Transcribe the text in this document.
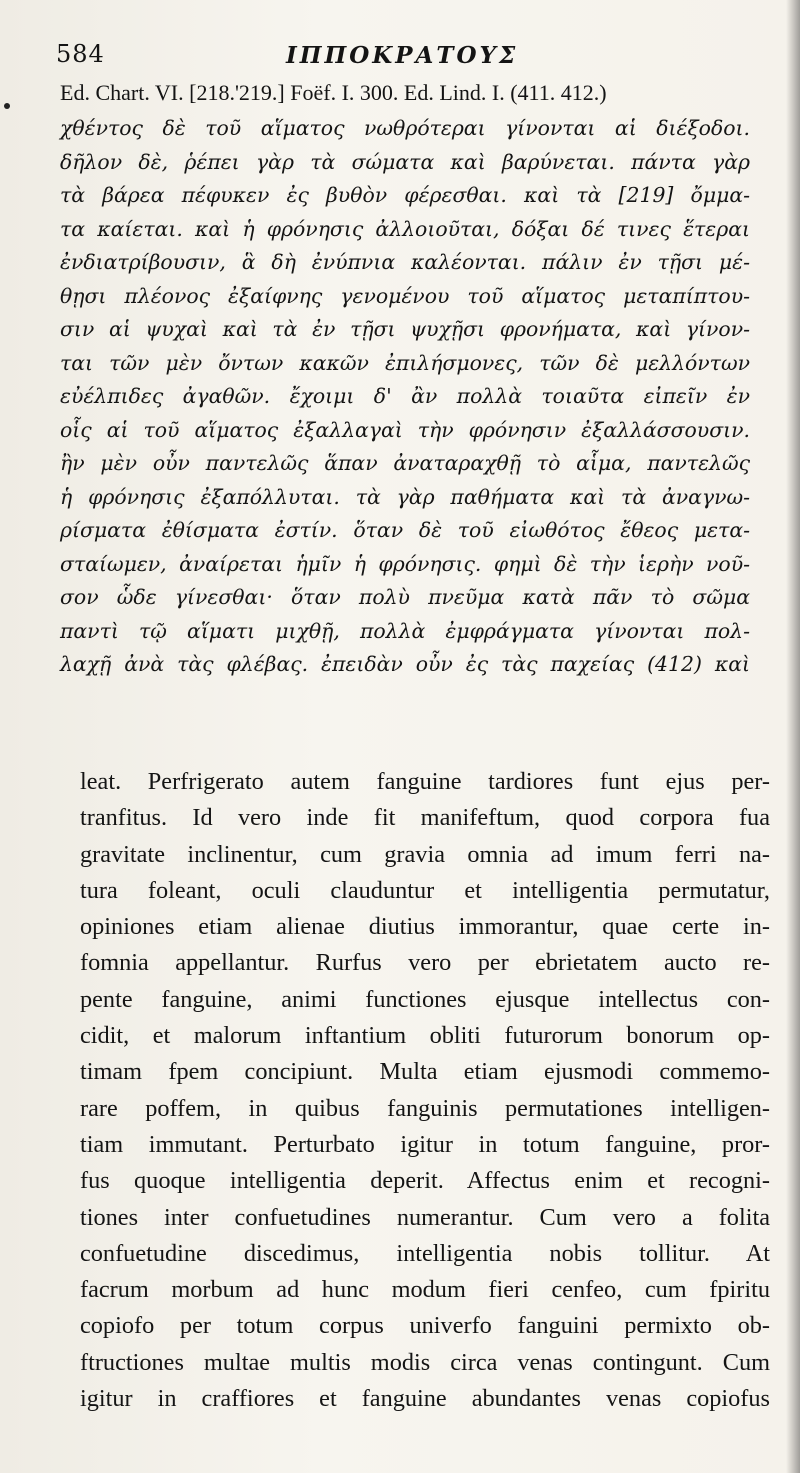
584	ΙΠΠΟΚΡΑΤΟΥΣ
Ed. Chart. VI. [218.'219.] Foëf. I. 300. Ed. Lind. I. (411. 412.)
χθέντος δὲ τοῦ αἵματος νωθρότεραι γίνονται αἱ διέξοδοι.
δῆλον δὲ, ῥέπει γὰρ τὰ σώματα καὶ βαρύνεται. πάντα γὰρ
τὰ βάρεα πέφυκεν ἐς βυθὸν φέρεσθαι. καὶ τὰ [219] ὄμμα-
τα καίεται. καὶ ἡ φρόνησις ἀλλοιοῦται, δόξαι δέ τινες ἕτεραι
ἐνδιατρίβουσιν, ἃ δὴ ἐνύπνια καλέονται. πάλιν ἐν τῇσι μέ-
θῃσι πλέονος ἐξαίφνης γενομένου τοῦ αἵματος μεταπίπτου-
σιν αἱ ψυχαὶ καὶ τὰ ἐν τῇσι ψυχῇσι φρονήματα, καὶ γίνον-
ται τῶν μὲν ὄντων κακῶν ἐπιλήσμονες, τῶν δὲ μελλόντων
εὐέλπιδες ἀγαθῶν. ἔχοιμι δ' ἂν πολλὰ τοιαῦτα εἰπεῖν ἐν
οἷς αἱ τοῦ αἵματος ἐξαλλαγαὶ τὴν φρόνησιν ἐξαλλάσσουσιν.
ἢν μὲν οὖν παντελῶς ἅπαν ἀναταραχθῇ τὸ αἷμα, παντελῶς
ἡ φρόνησις ἐξαπόλλυται. τὰ γὰρ παθήματα καὶ τὰ ἀναγνω-
ρίσματα ἐθίσματα ἐστίν. ὅταν δὲ τοῦ εἰωθότος ἔθεος μετα-
σταίωμεν, ἀναίρεται ἡμῖν ἡ φρόνησις. φημὶ δὲ τὴν ἱερὴν νοῦ-
σον ὧδε γίνεσθαι· ὅταν πολὺ πνεῦμα κατὰ πᾶν τὸ σῶμα
παντὶ τῷ αἵματι μιχθῇ, πολλὰ ἐμφράγματα γίνονται πολ-
λαχῇ ἀνὰ τὰς φλέβας. ἐπειδὰν οὖν ἐς τὰς παχείας (412) καὶ
leat. Perfrigerato autem fanguine tardiores funt ejus per-
tranfitus. Id vero inde fit manifeftum, quod corpora fua
gravitate inclinentur, cum gravia omnia ad imum ferri na-
tura foleant, oculi clauduntur et intelligentia permutatur,
opiniones etiam alienae diutius immorantur, quae certe in-
fomnia appellantur. Rurfus vero per ebrietatem aucto re-
pente fanguine, animi functiones ejusque intellectus con-
cidit, et malorum inftantium obliti futurorum bonorum op-
timam fpem concipiunt. Multa etiam ejusmodi commemo-
rare poffem, in quibus fanguinis permutationes intelligen-
tiam immutant. Perturbato igitur in totum fanguine, pror-
fus quoque intelligentia deperit. Affectus enim et recogni-
tiones inter confuetudines numerantur. Cum vero a folita
confuetudine discedimus, intelligentia nobis tollitur. At
facrum morbum ad hunc modum fieri cenfeo, cum fpiritu
copiofo per totum corpus univerfo fanguini permixto ob-
ftructiones multae multis modis circa venas contingunt. Cum
igitur in craffiores et fanguine abundantes venas copiofus
